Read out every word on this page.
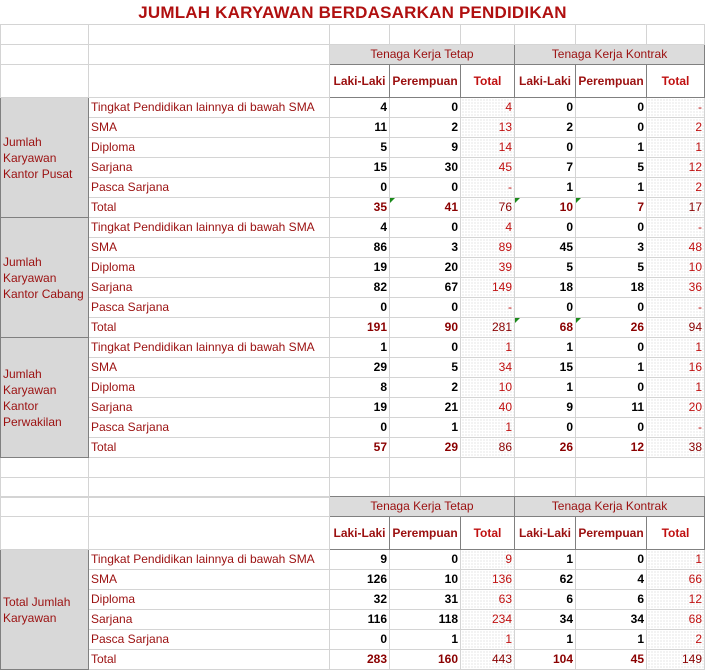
JUMLAH KARYAWAN BERDASARKAN PENDIDIKAN

		Tenaga Kerja Tetap			Tenaga Kerja Kontrak		
		Laki-Laki	Perempuan	Total	Laki-Laki	Perempuan	Total
Jumlah Karyawan Kantor Pusat	Tingkat Pendidikan lainnya di bawah SMA	4	0	4	0	0	-
	SMA	11	2	13	2	0	2
	Diploma	5	9	14	0	1	1
	Sarjana	15	30	45	7	5	12
	Pasca Sarjana	0	0	-	1	1	2
	Total	35	41	76	10	7	17
Jumlah Karyawan Kantor Cabang	Tingkat Pendidikan lainnya di bawah SMA	4	0	4	0	0	-
	SMA	86	3	89	45	3	48
	Diploma	19	20	39	5	5	10
	Sarjana	82	67	149	18	18	36
	Pasca Sarjana	0	0	-	0	0	-
	Total	191	90	281	68	26	94
Jumlah Karyawan Kantor Perwakilan	Tingkat Pendidikan lainnya di bawah SMA	1	0	1	1	0	1
	SMA	29	5	34	15	1	16
	Diploma	8	2	10	1	0	1
	Sarjana	19	21	40	9	11	20
	Pasca Sarjana	0	1	1	0	0	-
	Total	57	29	86	26	12	38

		Tenaga Kerja Tetap			Tenaga Kerja Kontrak		
		Laki-Laki	Perempuan	Total	Laki-Laki	Perempuan	Total
Total Jumlah Karyawan	Tingkat Pendidikan lainnya di bawah SMA	9	0	9	1	0	1
	SMA	126	10	136	62	4	66
	Diploma	32	31	63	6	6	12
	Sarjana	116	118	234	34	34	68
	Pasca Sarjana	0	1	1	1	1	2
	Total	283	160	443	104	45	149
